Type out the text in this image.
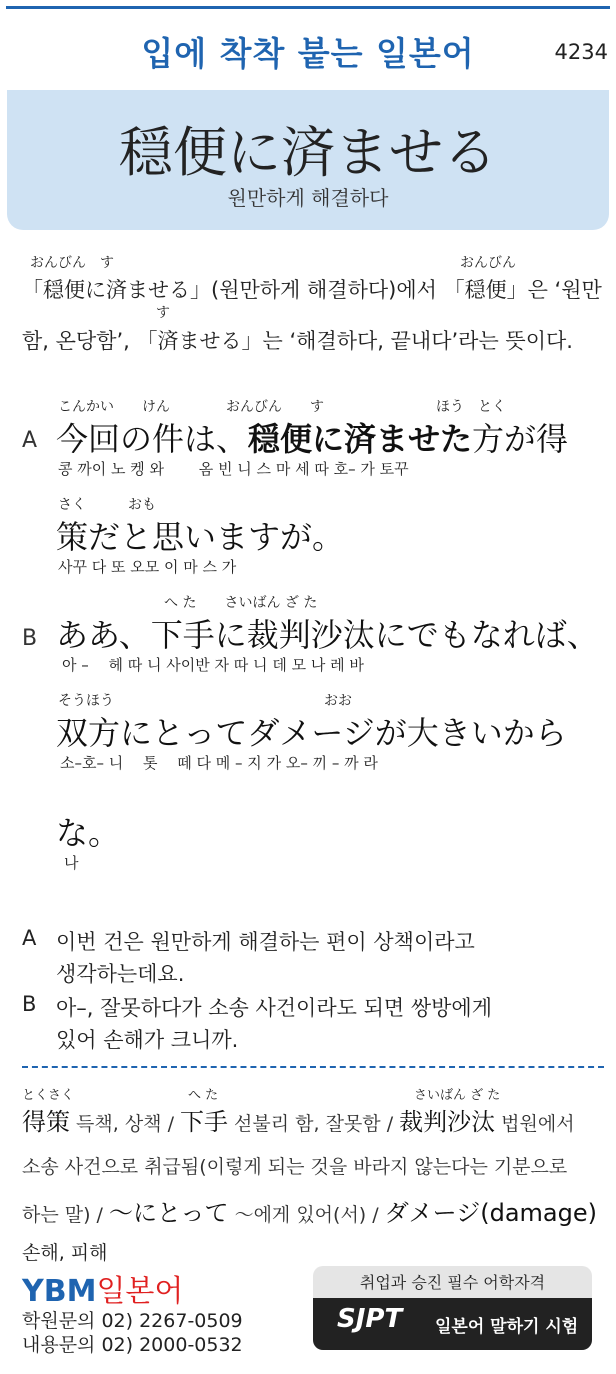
입에 착착 붙는 일본어	4234
穏便に済ませる
원만하게 해결하다
おんびん す	おんびん
す
「穏便に済ませる」(원만하게 해결하다)에서 「穏便」은 ‘원만
함, 온당함’, 「済ませる」는 ‘해결하다, 끝내다’라는 뜻이다.
A
こんかい　　けん　　　　おんびん　　す　　　　　　　　ほう　とく
今回の件は、穏便に済ませた方が得
콩 까이 노 켕 와　　 옴 빈 니 스 마 세 따 호– 가 토꾸
さく　　　おも
策だと思いますが。
사꾸 다 또 오모 이 마 스 가
B
へ た　　さいばん ざ た
ああ、下手に裁判沙汰にでもなれば、
아 –　 헤 따 니 사이반 자 따 니 데 모 나 레 바
そうほう　　　　　　　　　　　　　　　おお
双方にとってダメージが大きいから
소–호– 니　 톳　 떼 다 메 – 지 가 오– 끼 – 까 라
な。
나
A 이번 건은 원만하게 해결하는 편이 상책이라고
생각하는데요.
B 아–, 잘못하다가 소송 사건이라도 되면 쌍방에게
있어 손해가 크니까.
とくさく	へ た	さいばん ざ た
得策 득책, 상책 / 下手 섣불리 함, 잘못함 / 裁判沙汰 법원에서
소송 사건으로 취급됨(이렇게 되는 것을 바라지 않는다는 기분으로
하는 말) / 〜にとって 〜에게 있어(서) / ダメージ(damage)
손해, 피해
YBM일본어
학원문의 02) 2267-0509
내용문의 02) 2000-0532
취업과 승진 필수 어학자격
SJPT 일본어 말하기 시험
